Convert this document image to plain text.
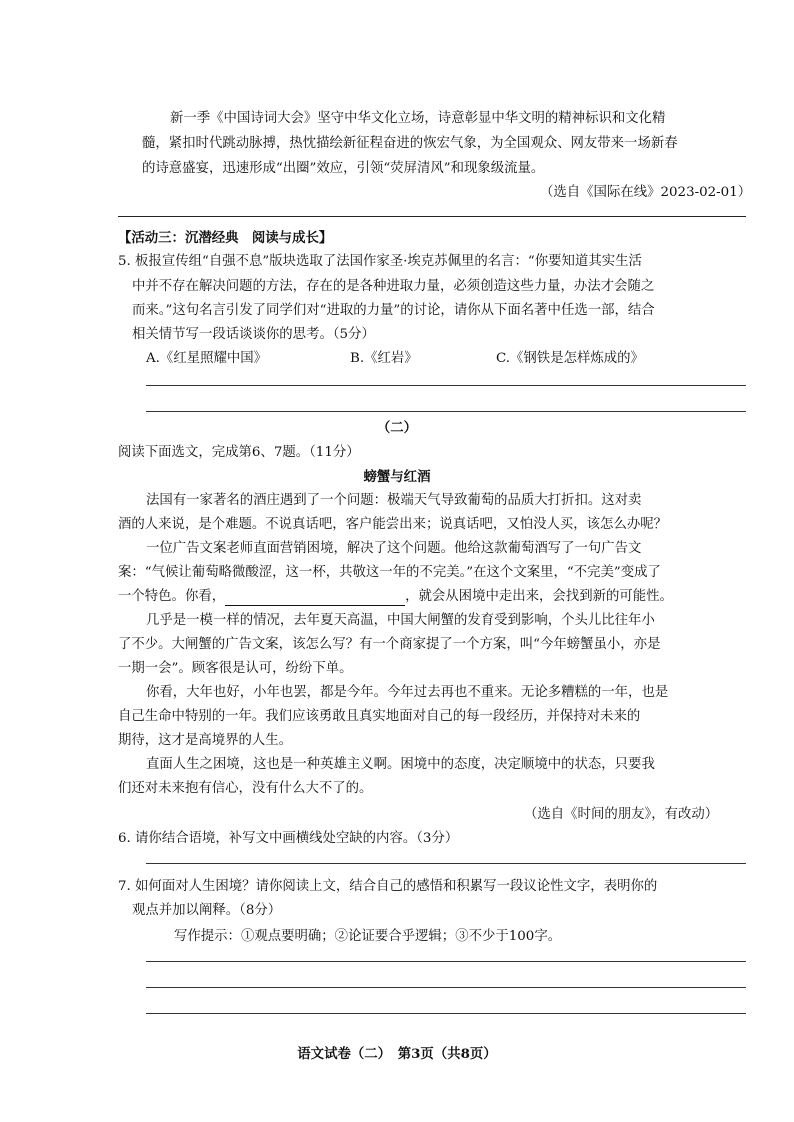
新一季《中国诗词大会》坚守中华文化立场，诗意彰显中华文明的精神标识和文化精
髓，紧扣时代跳动脉搏，热忱描绘新征程奋进的恢宏气象，为全国观众、网友带来一场新春
的诗意盛宴，迅速形成“出圈”效应，引领“荧屏清风”和现象级流量。
（选自《国际在线》2023-02-01）
【活动三：沉潜经典　阅读与成长】
5. 板报宣传组“自强不息”版块选取了法国作家圣·埃克苏佩里的名言：“你要知道其实生活
中并不存在解决问题的方法，存在的是各种进取力量，必须创造这些力量，办法才会随之
而来。”这句名言引发了同学们对“进取的力量”的讨论，请你从下面名著中任选一部，结合
相关情节写一段话谈谈你的思考。（5分）
A.《红星照耀中国》	B.《红岩》	C.《钢铁是怎样炼成的》
（二）
阅读下面选文，完成第6、7题。（11分）
螃蟹与红酒
法国有一家著名的酒庄遇到了一个问题：极端天气导致葡萄的品质大打折扣。这对卖
酒的人来说，是个难题。不说真话吧，客户能尝出来；说真话吧，又怕没人买，该怎么办呢？
一位广告文案老师直面营销困境，解决了这个问题。他给这款葡萄酒写了一句广告文
案：“气候让葡萄略微酸涩，这一杯，共敬这一年的不完美。”在这个文案里，“不完美”变成了
一个特色。你看，	，就会从困境中走出来，会找到新的可能性。
几乎是一模一样的情况，去年夏天高温，中国大闸蟹的发育受到影响，个头儿比往年小
了不少。大闸蟹的广告文案，该怎么写？有一个商家提了一个方案，叫“今年螃蟹虽小，亦是
一期一会”。顾客很是认可，纷纷下单。
你看，大年也好，小年也罢，都是今年。今年过去再也不重来。无论多糟糕的一年，也是
自己生命中特别的一年。我们应该勇敢且真实地面对自己的每一段经历，并保持对未来的
期待，这才是高境界的人生。
直面人生之困境，这也是一种英雄主义啊。困境中的态度，决定顺境中的状态，只要我
们还对未来抱有信心，没有什么大不了的。
（选自《时间的朋友》，有改动）
6. 请你结合语境，补写文中画横线处空缺的内容。（3分）
7. 如何面对人生困境？请你阅读上文，结合自己的感悟和积累写一段议论性文字，表明你的
观点并加以阐释。（8分）
写作提示：①观点要明确；②论证要合乎逻辑；③不少于100字。
语文试卷（二）　第3页（共8页）
